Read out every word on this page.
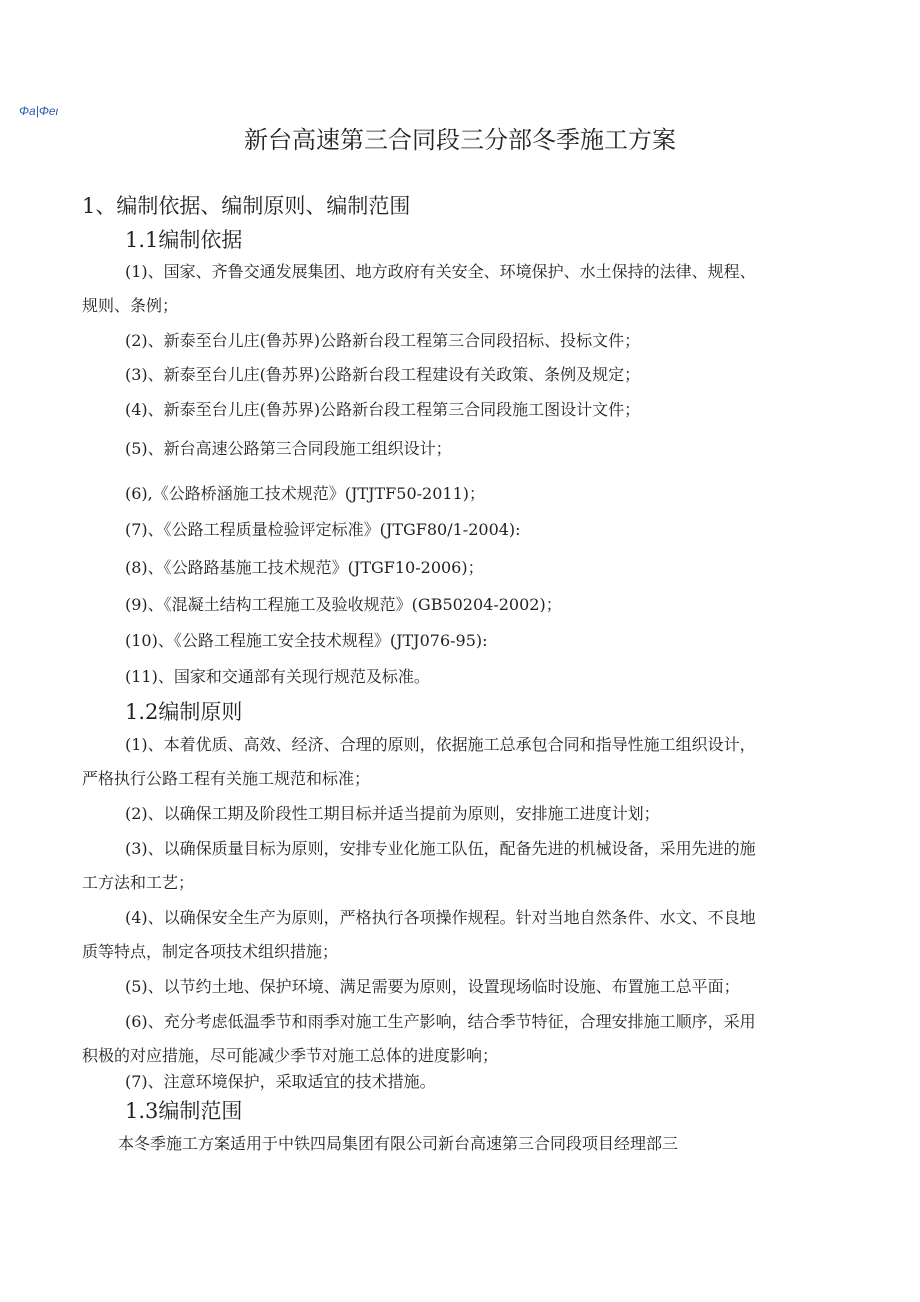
Φa|Φeι
新台高速第三合同段三分部冬季施工方案
1、编制依据、编制原则、编制范围
1.1编制依据
(1)、国家、齐鲁交通发展集团、地方政府有关安全、环境保护、水土保持的法律、规程、
规则、条例；
(2)、新泰至台儿庄(鲁苏界)公路新台段工程第三合同段招标、投标文件；
(3)、新泰至台儿庄(鲁苏界)公路新台段工程建设有关政策、条例及规定；
(4)、新泰至台儿庄(鲁苏界)公路新台段工程第三合同段施工图设计文件；
(5)、新台高速公路第三合同段施工组织设计；
(6),《公路桥涵施工技术规范》(JTJTF50-2011)；
(7)、《公路工程质量检验评定标准》(JTGF80/1-2004):
(8)、《公路路基施工技术规范》(JTGF10-2006)；
(9)、《混凝土结构工程施工及验收规范》(GB50204-2002)；
(10)、《公路工程施工安全技术规程》(JTJ076-95):
(11)、国家和交通部有关现行规范及标准。
1.2编制原则
(1)、本着优质、高效、经济、合理的原则，依据施工总承包合同和指导性施工组织设计，
严格执行公路工程有关施工规范和标准；
(2)、以确保工期及阶段性工期目标并适当提前为原则，安排施工进度计划；
(3)、以确保质量目标为原则，安排专业化施工队伍，配备先进的机械设备，采用先进的施
工方法和工艺；
(4)、以确保安全生产为原则，严格执行各项操作规程。针对当地自然条件、水文、不良地
质等特点，制定各项技术组织措施；
(5)、以节约土地、保护环境、满足需要为原则，设置现场临时设施、布置施工总平面；
(6)、充分考虑低温季节和雨季对施工生产影响，结合季节特征，合理安排施工顺序，采用
积极的对应措施，尽可能减少季节对施工总体的进度影响；
(7)、注意环境保护，采取适宜的技术措施。
1.3编制范围
本冬季施工方案适用于中铁四局集团有限公司新台高速第三合同段项目经理部三
